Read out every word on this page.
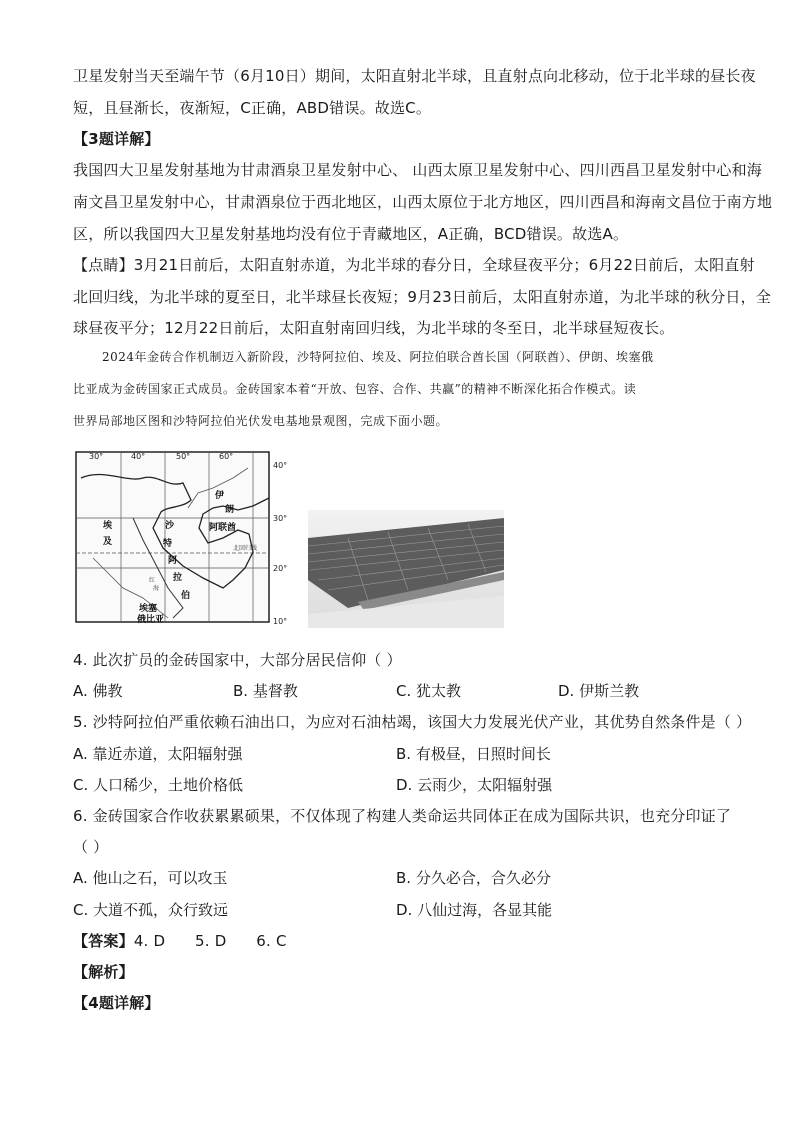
卫星发射当天至端午节（6月10日）期间，太阳直射北半球，且直射点向北移动，位于北半球的昼长夜
短，且昼渐长，夜渐短，C正确，ABD错误。故选C。
【3题详解】
我国四大卫星发射基地为甘肃酒泉卫星发射中心、 山西太原卫星发射中心、四川西昌卫星发射中心和海
南文昌卫星发射中心，甘肃酒泉位于西北地区，山西太原位于北方地区，四川西昌和海南文昌位于南方地
区，所以我国四大卫星发射基地均没有位于青藏地区，A正确，BCD错误。故选A。
【点睛】3月21日前后，太阳直射赤道，为北半球的春分日，全球昼夜平分；6月22日前后，太阳直射
北回归线，为北半球的夏至日，北半球昼长夜短；9月23日前后，太阳直射赤道，为北半球的秋分日，全
球昼夜平分；12月22日前后，太阳直射南回归线，为北半球的冬至日，北半球昼短夜长。
2024年金砖合作机制迈入新阶段，沙特阿拉伯、埃及、阿拉伯联合酋长国（阿联酋）、伊朗、埃塞俄
比亚成为金砖国家正式成员。金砖国家本着“开放、包容、合作、共赢”的精神不断深化拓合作模式。读
世界局部地区图和沙特阿拉伯光伏发电基地景观图，完成下面小题。
30°	40°	50°	60°
40°
30°
20°
10°
伊
朗
阿联酋
埃
及
沙
特
阿
拉
伯
埃塞
俄比亚
北回归线
红
海
4. 此次扩员的金砖国家中，大部分居民信仰（ ）
A. 佛教	B. 基督教	C. 犹太教	D. 伊斯兰教
5. 沙特阿拉伯严重依赖石油出口，为应对石油枯竭，该国大力发展光伏产业，其优势自然条件是（ ）
A. 靠近赤道，太阳辐射强	B. 有极昼，日照时间长
C. 人口稀少，土地价格低	D. 云雨少，太阳辐射强
6. 金砖国家合作收获累累硕果，不仅体现了构建人类命运共同体正在成为国际共识，也充分印证了
（ ）
A. 他山之石，可以攻玉	B. 分久必合，合久必分
C. 大道不孤，众行致远	D. 八仙过海，各显其能
【答案】4. D      5. D      6. C
【解析】
【4题详解】
